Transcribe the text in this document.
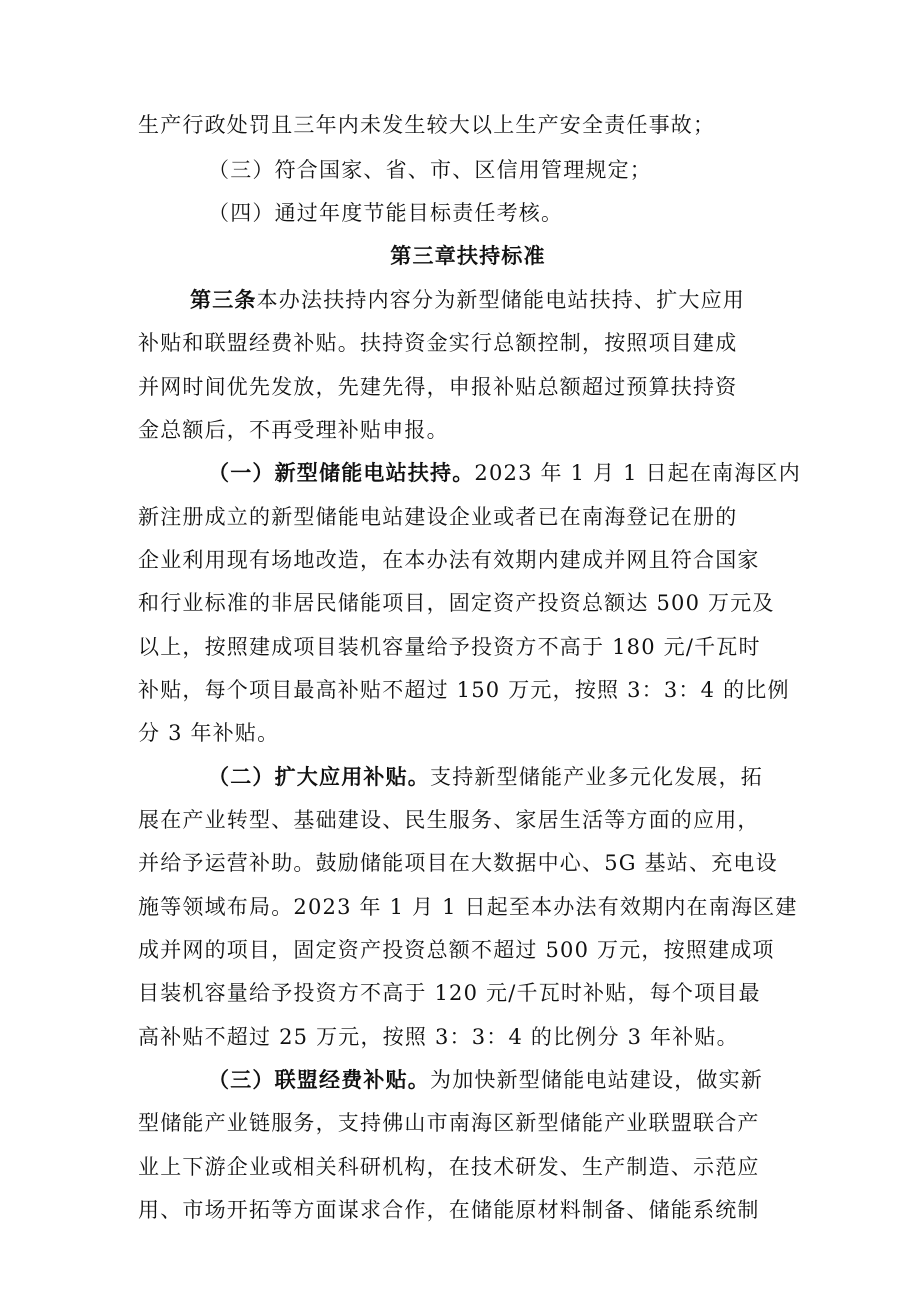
生产行政处罚且三年内未发生较大以上生产安全责任事故；
（三）符合国家、省、市、区信用管理规定；
（四）通过年度节能目标责任考核。
第三章扶持标准
第三条本办法扶持内容分为新型储能电站扶持、扩大应用
补贴和联盟经费补贴。扶持资金实行总额控制，按照项目建成
并网时间优先发放，先建先得，申报补贴总额超过预算扶持资
金总额后，不再受理补贴申报。
（一）新型储能电站扶持。2023 年 1 月 1 日起在南海区内
新注册成立的新型储能电站建设企业或者已在南海登记在册的
企业利用现有场地改造，在本办法有效期内建成并网且符合国家
和行业标准的非居民储能项目，固定资产投资总额达 500 万元及
以上，按照建成项目装机容量给予投资方不高于 180 元/千瓦时
补贴，每个项目最高补贴不超过 150 万元，按照 3：3：4 的比例
分 3 年补贴。
（二）扩大应用补贴。支持新型储能产业多元化发展，拓
展在产业转型、基础建设、民生服务、家居生活等方面的应用，
并给予运营补助。鼓励储能项目在大数据中心、5G 基站、充电设
施等领域布局。2023 年 1 月 1 日起至本办法有效期内在南海区建
成并网的项目，固定资产投资总额不超过 500 万元，按照建成项
目装机容量给予投资方不高于 120 元/千瓦时补贴，每个项目最
高补贴不超过 25 万元，按照 3：3：4 的比例分 3 年补贴。
（三）联盟经费补贴。为加快新型储能电站建设，做实新
型储能产业链服务，支持佛山市南海区新型储能产业联盟联合产
业上下游企业或相关科研机构，在技术研发、生产制造、示范应
用、市场开拓等方面谋求合作，在储能原材料制备、储能系统制
